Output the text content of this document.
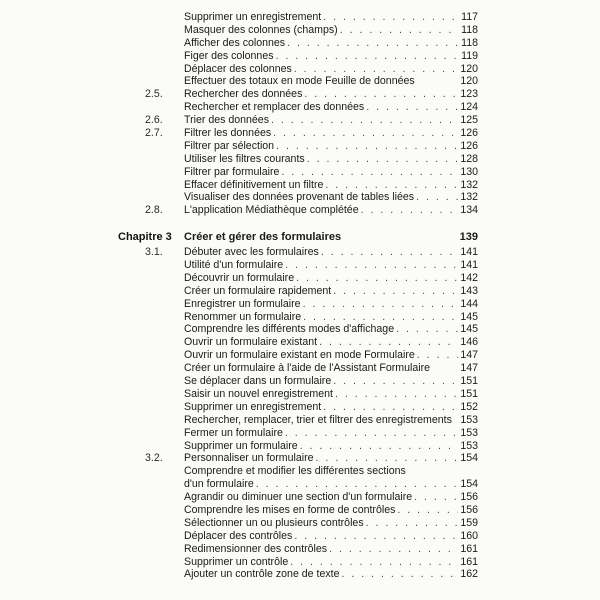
Supprimer un enregistrement . . .	117
Masquer des colonnes (champs) . . .	118
Afficher des colonnes . . .	118
Figer des colonnes . . .	119
Déplacer des colonnes . . .	120
Effectuer des totaux en mode Feuille de données	120
2.5.	Rechercher des données . . .	123
Rechercher et remplacer des données . . .	124
2.6.	Trier des données . . .	125
2.7.	Filtrer les données . . .	126
Filtrer par sélection . . .	126
Utiliser les filtres courants . . .	128
Filtrer par formulaire . . .	130
Effacer définitivement un filtre . . .	132
Visualiser des données provenant de tables liées . . .	132
2.8.	L'application Médiathèque complétée . . .	134
Chapitre 3	Créer et gérer des formulaires	139
3.1.	Débuter avec les formulaires . . .	141
Utilité d'un formulaire . . .	141
Découvrir un formulaire . . .	142
Créer un formulaire rapidement . . .	143
Enregistrer un formulaire . . .	144
Renommer un formulaire . . .	145
Comprendre les différents modes d'affichage . . .	145
Ouvrir un formulaire existant . . .	146
Ouvrir un formulaire existant en mode Formulaire . . .	147
Créer un formulaire à l'aide de l'Assistant Formulaire	147
Se déplacer dans un formulaire . . .	151
Saisir un nouvel enregistrement . . .	151
Supprimer un enregistrement . . .	152
Rechercher, remplacer, trier et filtrer des enregistrements 153
Fermer un formulaire . . .	153
Supprimer un formulaire . . .	153
3.2.	Personnaliser un formulaire . . .	154
Comprendre et modifier les différentes sections
d'un formulaire . . .	154
Agrandir ou diminuer une section d'un formulaire . . .	156
Comprendre les mises en forme de contrôles . . .	156
Sélectionner un ou plusieurs contrôles . . .	159
Déplacer des contrôles . . .	160
Redimensionner des contrôles . . .	161
Supprimer un contrôle . . .	161
Ajouter un contrôle zone de texte . . .	162
